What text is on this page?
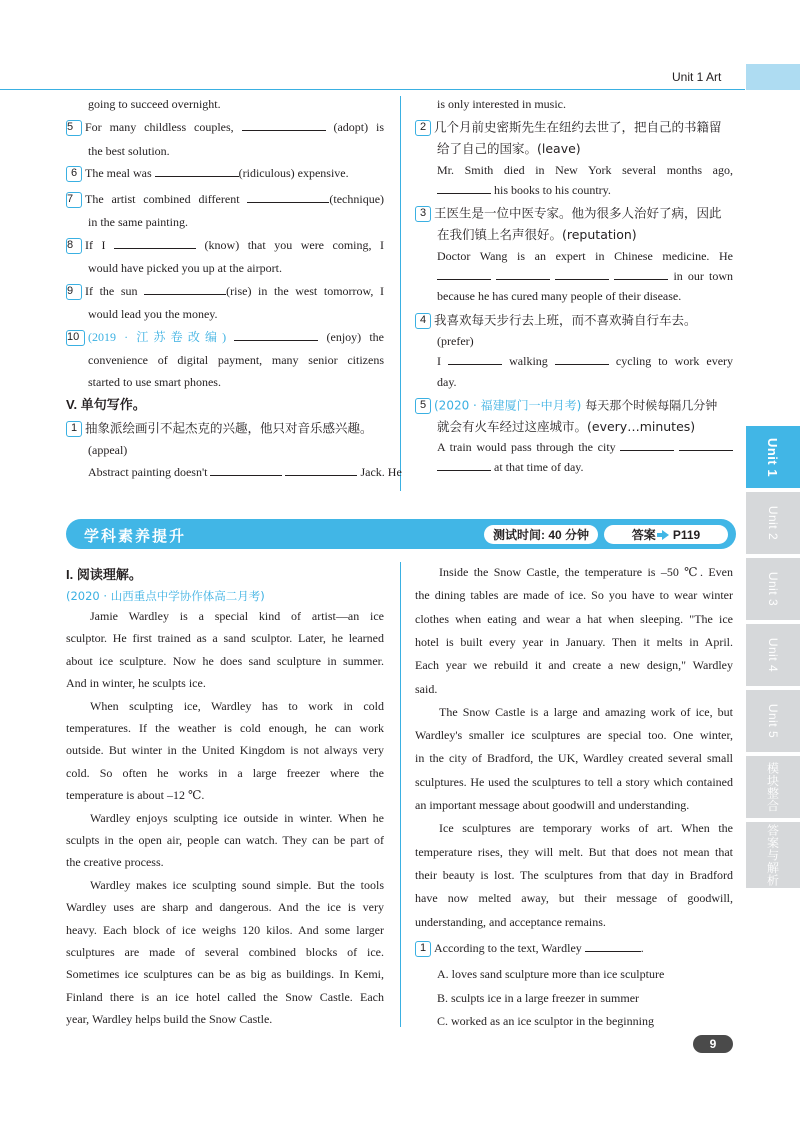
Unit 1 Art
Unit 1
Unit 2
Unit 3
Unit 4
Unit 5
模块整合
答案与解析
going to succeed overnight.
5 For many childless couples,	(adopt) is
the best solution.
6 The meal was	(ridiculous) expensive.
7 The artist combined different	(technique)
in the same painting.
8 If I	(know) that you were coming, I
would have picked you up at the airport.
9 If the sun	(rise) in the west tomorrow, I
would lead you the money.
10 (2019 · 江苏卷改编)	(enjoy) the
convenience of digital payment, many senior citizens
started to use smart phones.
V. 单句写作。
1 抽象派绘画引不起杰克的兴趣，他只对音乐感兴趣。
(appeal)
Abstract painting doesn't	Jack. He
is only interested in music.
2 几个月前史密斯先生在纽约去世了，把自己的书籍留
给了自己的国家。(leave)
Mr. Smith died in New York several months ago,
his books to his country.
3 王医生是一位中医专家。他为很多人治好了病，因此
在我们镇上名声很好。(reputation)
Doctor Wang is an expert in Chinese medicine. He
in our town
because he has cured many people of their disease.
4 我喜欢每天步行去上班，而不喜欢骑自行车去。
(prefer)
I	walking	cycling to work every
day.
5 (2020 · 福建厦门一中月考) 每天那个时候每隔几分钟
就会有火车经过这座城市。(every…minutes)
A train would pass through the city
at that time of day.
学科素养提升	测试时间: 40 分钟	答案 P119
I. 阅读理解。
(2020 · 山西重点中学协作体高二月考)
Jamie Wardley is a special kind of artist—an ice
sculptor. He first trained as a sand sculptor. Later, he learned
about ice sculpture. Now he does sand sculpture in summer.
And in winter, he sculpts ice.
When sculpting ice, Wardley has to work in cold
temperatures. If the weather is cold enough, he can work
outside. But winter in the United Kingdom is not always very
cold. So often he works in a large freezer where the
temperature is about –12 ℃.
Wardley enjoys sculpting ice outside in winter. When he
sculpts in the open air, people can watch. They can be part of
the creative process.
Wardley makes ice sculpting sound simple. But the tools
Wardley uses are sharp and dangerous. And the ice is very
heavy. Each block of ice weighs 120 kilos. And some larger
sculptures are made of several combined blocks of ice.
Sometimes ice sculptures can be as big as buildings. In Kemi,
Finland there is an ice hotel called the Snow Castle. Each
year, Wardley helps build the Snow Castle.
Inside the Snow Castle, the temperature is –50 ℃. Even
the dining tables are made of ice. So you have to wear winter
clothes when eating and wear a hat when sleeping. "The ice
hotel is built every year in January. Then it melts in April.
Each year we rebuild it and create a new design," Wardley
said.
The Snow Castle is a large and amazing work of ice, but
Wardley's smaller ice sculptures are special too. One winter,
in the city of Bradford, the UK, Wardley created several small
sculptures. He used the sculptures to tell a story which contained
an important message about goodwill and understanding.
Ice sculptures are temporary works of art. When the
temperature rises, they will melt. But that does not mean that
their beauty is lost. The sculptures from that day in Bradford
have now melted away, but their message of goodwill,
understanding, and acceptance remains.
1 According to the text, Wardley	.
A. loves sand sculpture more than ice sculpture
B. sculpts ice in a large freezer in summer
C. worked as an ice sculptor in the beginning
9
